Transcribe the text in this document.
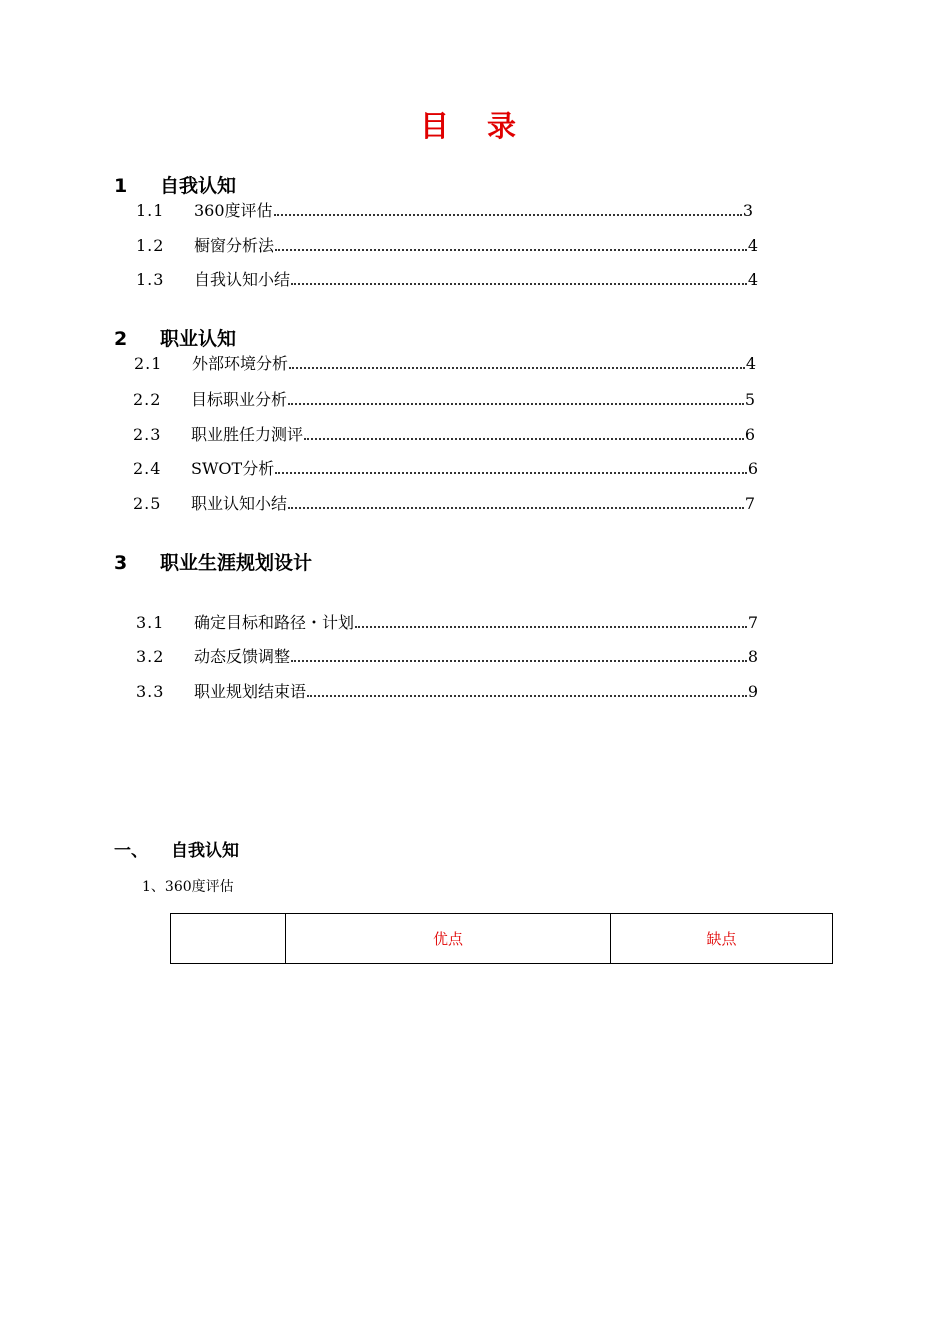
目 录
1 自我认知
1.1	360度评估	3
1.2	橱窗分析法	4
1.3	自我认知小结	4
2 职业认知
2.1	外部环境分析	4
2.2	目标职业分析	5
2.3	职业胜任力测评	6
2.4	SWOT分析	6
2.5	职业认知小结	7
3 职业生涯规划设计
3.1	确定目标和路径・计划	7
3.2	动态反馈调整	8
3.3	职业规划结束语	9
一、 自我认知
1、360度评估
	优点	缺点
